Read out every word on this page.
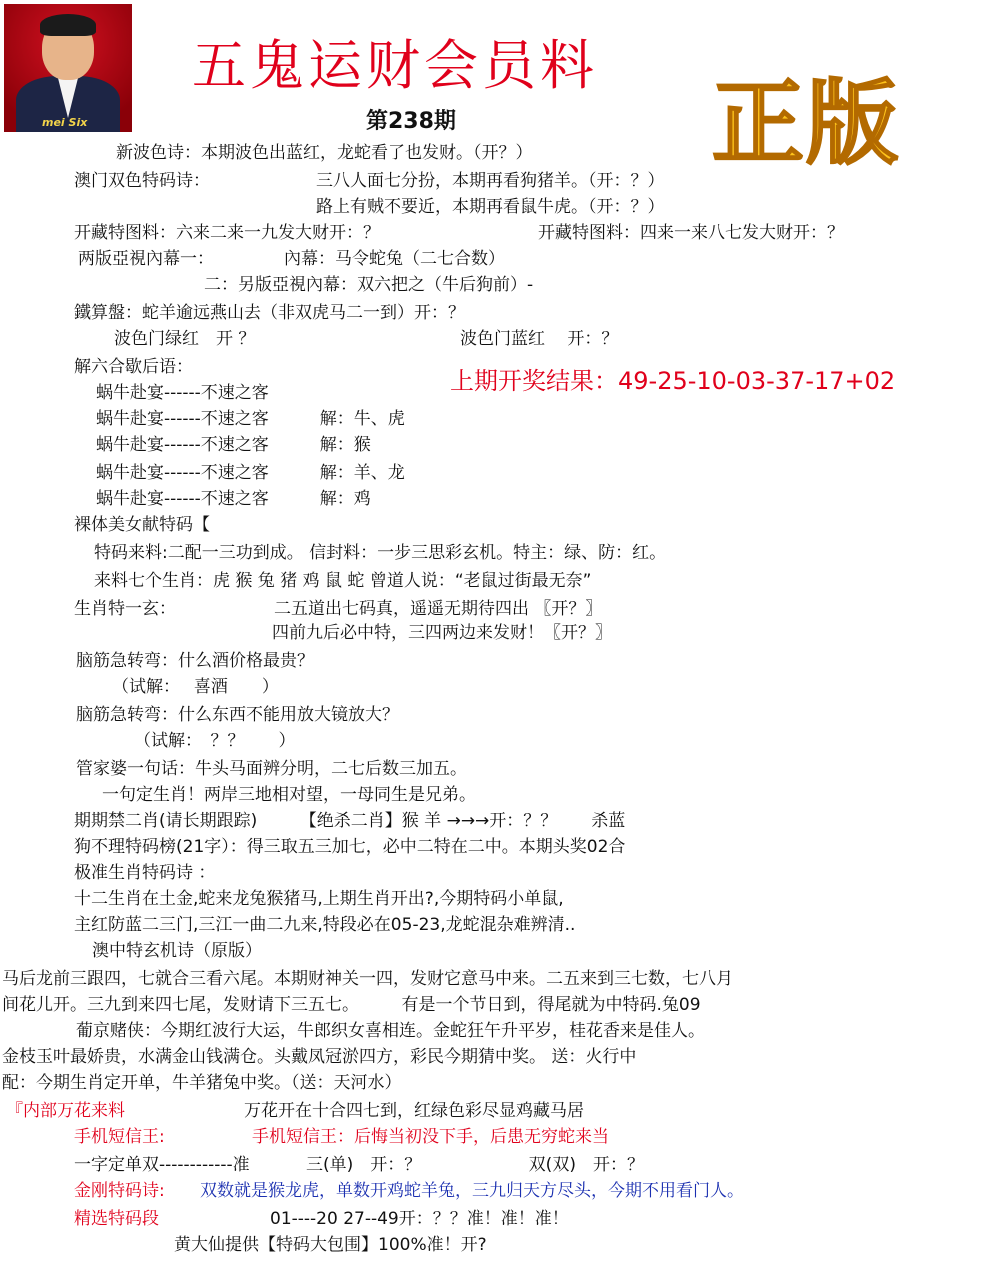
mei Six
五鬼运财会员料
第238期	正版
上期开奖结果：49-25-10-03-37-17+02
新波色诗：本期波色出蓝红，龙蛇看了也发财。（开？）
澳门双色特码诗：	三八人面七分扮，本期再看狗猪羊。（开：？）
路上有贼不要近，本期再看鼠牛虎。（开：？）
开藏特图料：六来二来一九发大财开：？	开藏特图料：四来一来八七发大财开：？
两版亞視內幕一：	內幕：马令蛇兔（二七合数）
二：另版亞視內幕：双六把之（牛后狗前）-
鐵算盤：蛇羊逾远燕山去（非双虎马二一到）开：？
波色门绿红　开 ？	波色门蓝红　 开：？
解六合歇后语：
蜗牛赴宴------不速之客
蜗牛赴宴------不速之客　　　解：牛、虎
蜗牛赴宴------不速之客　　　解：猴
蜗牛赴宴------不速之客　　　解：羊、龙
蜗牛赴宴------不速之客　　　解：鸡
裸体美女献特码【
特码来料:二配一三功到成。 信封料：一步三思彩玄机。特主：绿、防：红。
来料七个生肖：虎 猴 兔 猪 鸡 鼠 蛇 曾道人说：“老鼠过街最无奈”
生肖特一玄：	二五道出七码真，遥遥无期待四出 〖开？〗
四前九后必中特，三四两边来发财！〖开？〗
脑筋急转弯：什么酒价格最贵？
（试解：　 喜酒　　）
脑筋急转弯：什么东西不能用放大镜放大？
（试解：　？？　　）
管家婆一句话：牛头马面辨分明，二七后数三加五。
一句定生肖！两岸三地相对望，一母同生是兄弟。
期期禁二肖(请长期跟踪)　　　【绝杀二肖】猴 羊 →→→开：？？　　杀蓝
狗不理特码榜(21字）：得三取五三加七，必中二特在二中。本期头奖02合
极准生肖特码诗 ：
十二生肖在土金,蛇来龙兔猴猪马,上期生肖开出?,今期特码小单鼠,
主红防蓝二三门,三江一曲二九来,特段必在05-23,龙蛇混杂难辨清..
澳中特玄机诗（原版）
马后龙前三跟四，七就合三看六尾。本期财神关一四，发财它意马中来。二五来到三七数，七八月
间花儿开。三九到来四七尾，发财请下三五七。　　　有是一个节日到，得尾就为中特码.兔09
葡京赌侠：今期红波行大运，牛郎织女喜相连。金蛇狂午升平岁，桂花香来是佳人。
金枝玉叶最娇贵，水满金山钱满仓。头戴凤冠淤四方，彩民今期猜中奖。 送：火行中
配：今期生肖定开单，牛羊猪兔中奖。（送：天河水）
『内部万花来料	万花开在十合四七到，红绿色彩尽显鸡藏马居
手机短信王:	手机短信王：后悔当初没下手，后患无穷蛇来当
一字定单双------------准　　　 三(单)　开：？　　　　　　 双(双)　开：？
金刚特码诗: 双数就是猴龙虎，单数开鸡蛇羊兔，三九归天方尽头，今期不用看门人。
精选特码段	01----20 27--49开：？？准！准！准！
黄大仙提供【特码大包围】100%准！开?
